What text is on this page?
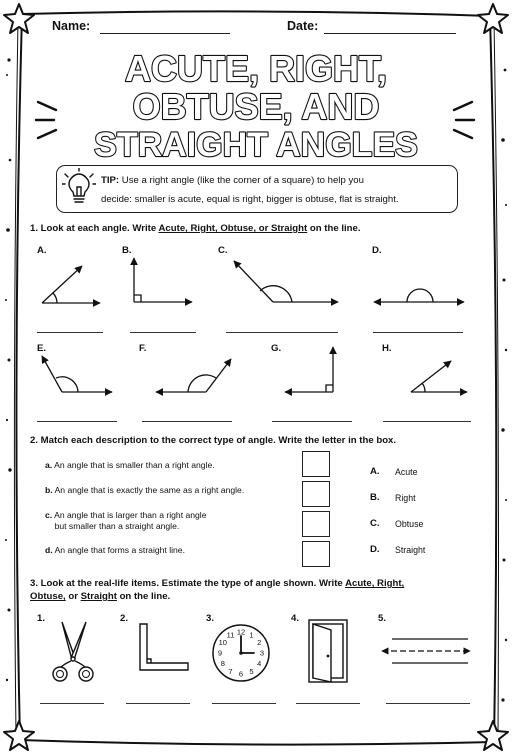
Name:	Date:
ACUTE, RIGHT,
OBTUSE, AND
STRAIGHT ANGLES
TIP: Use a right angle (like the corner of a square) to help you
decide: smaller is acute, equal is right, bigger is obtuse, flat is straight.
1. Look at each angle. Write Acute, Right, Obtuse, or Straight on the line.
A.	B.	C.	D.
E.	F.	G.	H.
2. Match each description to the correct type of angle. Write the letter in the box.
a. An angle that is smaller than a right angle.
b. An angle that is exactly the same as a right angle.
c. An angle that is larger than a right angle
but smaller than a straight angle.
d. An angle that forms a straight line.
A. Acute
B. Right
C. Obtuse
D. Straight
3. Look at the real-life items. Estimate the type of angle shown. Write Acute, Right,
Obtuse, or Straight on the line.
1.	2.	3.	4.	5.
12 1
2
3
4
5
6
7
8
9
10
11
